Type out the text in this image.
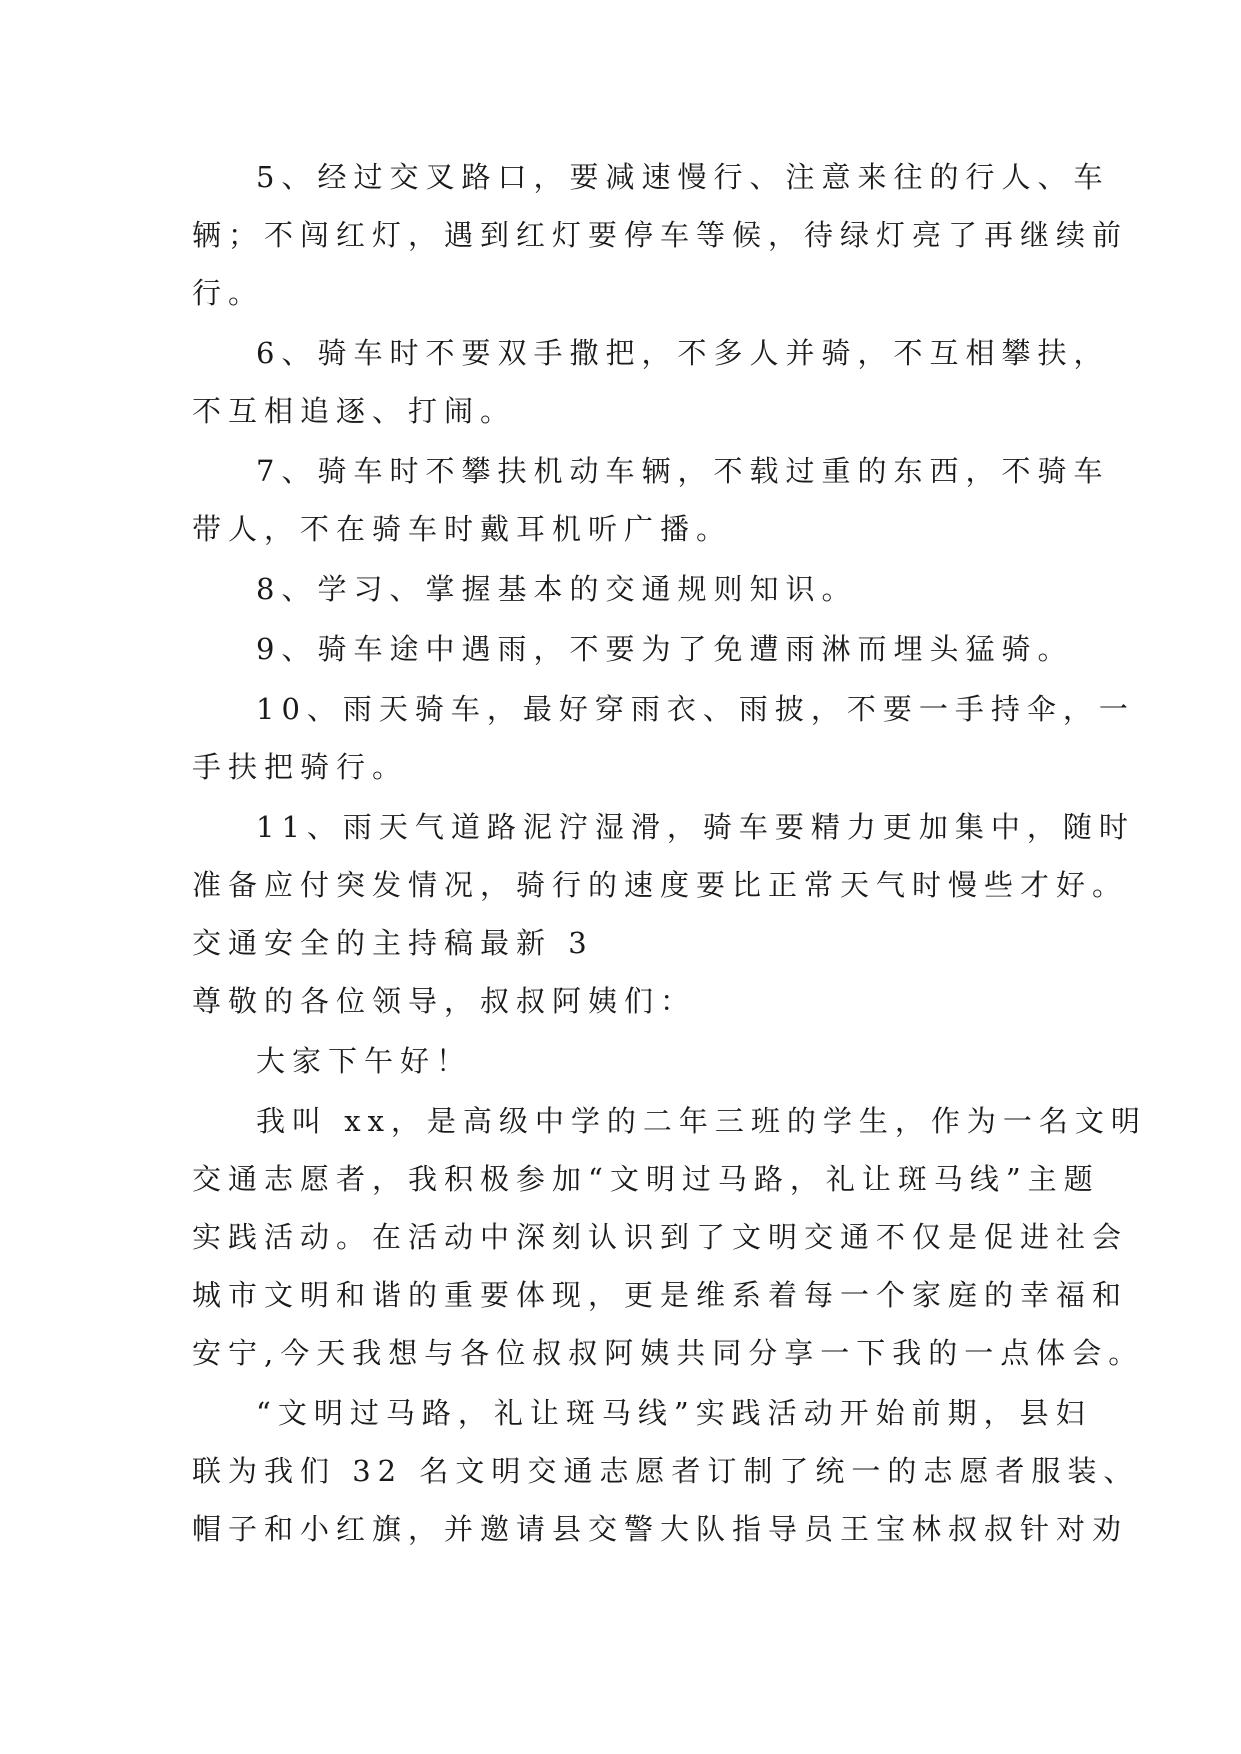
5、经过交叉路口，要减速慢行、注意来往的行人、车
辆；不闯红灯，遇到红灯要停车等候，待绿灯亮了再继续前
行。
6、骑车时不要双手撒把，不多人并骑，不互相攀扶，
不互相追逐、打闹。
7、骑车时不攀扶机动车辆，不载过重的东西，不骑车
带人，不在骑车时戴耳机听广播。
8、学习、掌握基本的交通规则知识。
9、骑车途中遇雨，不要为了免遭雨淋而埋头猛骑。
10、雨天骑车，最好穿雨衣、雨披，不要一手持伞，一
手扶把骑行。
11、雨天气道路泥泞湿滑，骑车要精力更加集中，随时
准备应付突发情况，骑行的速度要比正常天气时慢些才好。
交通安全的主持稿最新 3
尊敬的各位领导，叔叔阿姨们：
大家下午好！
我叫 xx，是高级中学的二年三班的学生，作为一名文明
交通志愿者，我积极参加“文明过马路，礼让斑马线”主题
实践活动。在活动中深刻认识到了文明交通不仅是促进社会
城市文明和谐的重要体现，更是维系着每一个家庭的幸福和
安宁,今天我想与各位叔叔阿姨共同分享一下我的一点体会。
“文明过马路，礼让斑马线”实践活动开始前期，县妇
联为我们 32 名文明交通志愿者订制了统一的志愿者服装、
帽子和小红旗，并邀请县交警大队指导员王宝林叔叔针对劝
